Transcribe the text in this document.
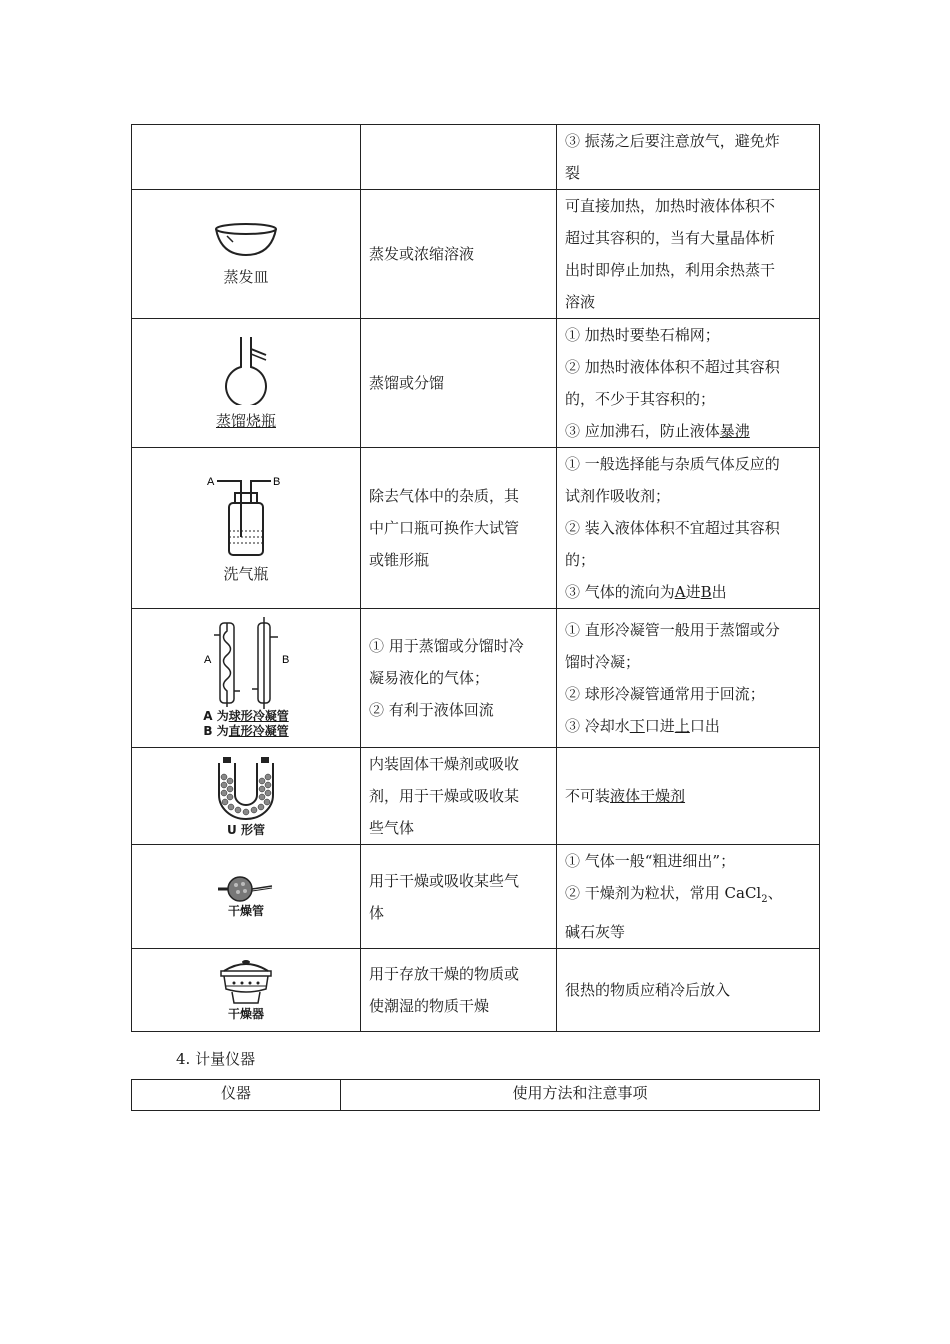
		③ 振荡之后要注意放气，避免炸
裂

蒸发皿	蒸发或浓缩溶液	可直接加热，加热时液体体积不
超过其容积的，当有大量晶体析
出时即停止加热，利用余热蒸干
溶液

蒸馏烧瓶	蒸馏或分馏	① 加热时要垫石棉网；
② 加热时液体体积不超过其容积
的，不少于其容积的；
③ 应加沸石，防止液体暴沸

A B
洗气瓶	除去气体中的杂质，其
中广口瓶可换作大试管
或锥形瓶	① 一般选择能与杂质气体反应的
试剂作吸收剂；
② 装入液体体积不宜超过其容积
的；
③ 气体的流向为A进B出

A B
A 为球形冷凝管
B 为直形冷凝管	① 用于蒸馏或分馏时冷
凝易液化的气体；
② 有利于液体回流	① 直形冷凝管一般用于蒸馏或分
馏时冷凝；
② 球形冷凝管通常用于回流；
③ 冷却水下口进上口出

U 形管	内装固体干燥剂或吸收
剂，用于干燥或吸收某
些气体	不可装液体干燥剂

干燥管	用于干燥或吸收某些气
体	① 气体一般“粗进细出”；
② 干燥剂为粒状，常用 CaCl$_2$、
碱石灰等

干燥器	用于存放干燥的物质或
使潮湿的物质干燥	很热的物质应稍冷后放入
4. 计量仪器
仪器	使用方法和注意事项
